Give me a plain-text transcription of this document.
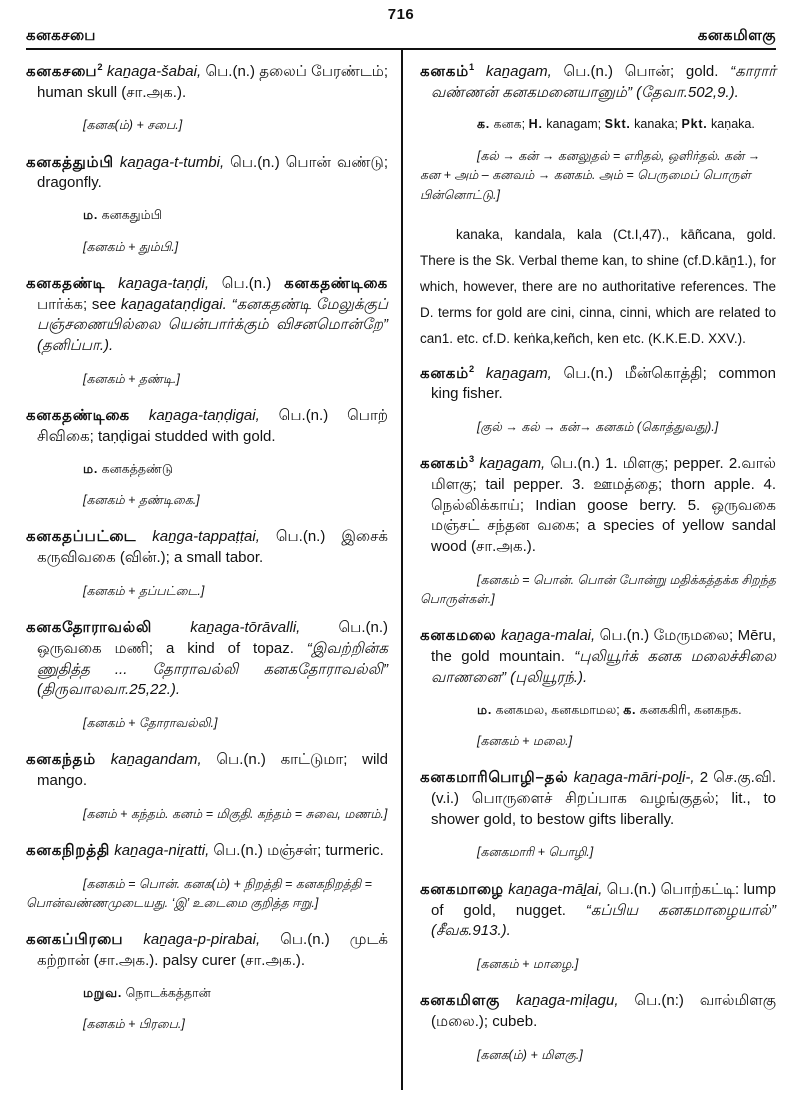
716
கனகசபை	கனகமிளகு

கனகசபை$^2$ kaṉaga-šabai, பெ.(n.) தலைப் பேரண்டம்; human skull (சா.அக.).

[கனக(ம்) + சபை.]

கனகத்தும்பி kaṉaga-t-tumbi, பெ.(n.) பொன் வண்டு; dragonfly.

ம. கனகதும்பி

[கனகம் + தும்பி.]

கனகதண்டி kaṉaga-taṇḍi, பெ.(n.) கனகதண்டிகை பார்க்க; see kaṉagataṇḍigai. “கனகதண்டி மேலுக்குப் பஞ்சணையில்லை யென்பார்க்கும் விசனமொன்றே” (தனிப்பா.).

[கனகம் + தண்டி.]

கனகதண்டிகை kaṉaga-taṇḍigai, பெ.(n.) பொற் சிவிகை; taṇḍigai studded with gold.

ம. கனகத்தண்டு

[கனகம் + தண்டிகை.]

கனகதப்பட்டை kaṉga-tappaṭṭai, பெ.(n.) இசைக் கருவிவகை (வின்.); a small tabor.

[கனகம் + தப்பட்டை.]

கனகதோராவல்லி kaṉaga-tōrāvalli, பெ.(n.) ஒருவகை மணி; a kind of topaz. “இவற்றின்க ணுதித்த ... தோராவல்லி கனகதோராவல்லி” (திருவாலவா.25,22.).

[கனகம் + தோராவல்லி.]

கனகந்தம் kaṉagandam, பெ.(n.) காட்டுமா; wild mango.

[கனம் + கந்தம். கனம் = மிகுதி. கந்தம் = சுவை, மணம்.]

கனகநிறத்தி kaṉaga-niṟatti, பெ.(n.) மஞ்சள்; turmeric.

[கனகம் = பொன். கனக(ம்) + நிறத்தி = கனகநிறத்தி = பொன்வண்ணமுடையது. ‘இ’ உடைமை குறித்த ஈறு.]

கனகப்பிரபை kaṉaga-p-pirabai, பெ.(n.) முடக் கற்றான் (சா.அக.). palsy curer (சா.அக.).

மறுவ. நொடக்கத்தான்

[கனகம் + பிரபை.]

கனகம்$^1$ kaṉagam, பெ.(n.) பொன்; gold. “காரார் வண்ணன் கனகமனையானும்” (தேவா.502,9.).

க. கனக; H. kanagam; Skt. kanaka; Pkt. kaṇaka.

[கல் → கன் → கனலுதல் = எரிதல், ஒளிர்தல். கன் → கன + அம் – கனவம் → கனகம். அம் = பெருமைப் பொருள் பின்னொட்டு.]

kanaka, kandala, kala (Ct.I,47)., kāñcana, gold. There is the Sk. Verbal theme kan, to shine (cf.D.kāṉ1.), for which, however, there are no authoritative references. The D. terms for gold are cini, cinna, cinni, which are related to can1. etc. cf.D. keṅka,keñch, ken etc. (K.K.E.D. XXV.).

கனகம்$^2$ kaṉagam, பெ.(n.) மீன்கொத்தி; common king fisher.

[குல் → கல் → கன்→ கனகம் (கொத்துவது).]

கனகம்$^3$ kaṉagam, பெ.(n.) 1. மிளகு; pepper. 2.வால் மிளகு; tail pepper. 3. ஊமத்தை; thorn apple. 4. நெல்லிக்காய்; Indian goose berry. 5. ஒருவகை மஞ்சட் சந்தன வகை; a species of yellow sandal wood (சா.அக.).

[கனகம் = பொன். பொன் போன்று மதிக்கத்தக்க சிறந்த பொருள்கள்.]

கனகமலை kaṉaga-malai, பெ.(n.) மேருமலை; Mēru, the gold mountain. “புலியூர்க் கனக மலைச்சிலை வாணனை” (புலியூரந்.).

ம. கனகமல, கனகமாமல; க. கனககிரி, கனகநக.

[கனகம் + மலை.]

கனகமாரிபொழி–தல் kaṉaga-māri-poḻi-, 2 செ.கு.வி. (v.i.) பொருளைச் சிறப்பாக வழங்குதல்; lit., to shower gold, to bestow gifts liberally.

[கனகமாரி + பொழி.]

கனகமாழை kaṉaga-māḻai, பெ.(n.) பொற்கட்டி: lump of gold, nugget. “கப்பிய கனகமாழையால்” (சீவக.913.).

[கனகம் + மாழை.]

கனகமிளகு kaṉaga-miḷagu, பெ.(n:) வால்மிளகு (மலை.); cubeb.

[கனக(ம்) + மிளகு.]
